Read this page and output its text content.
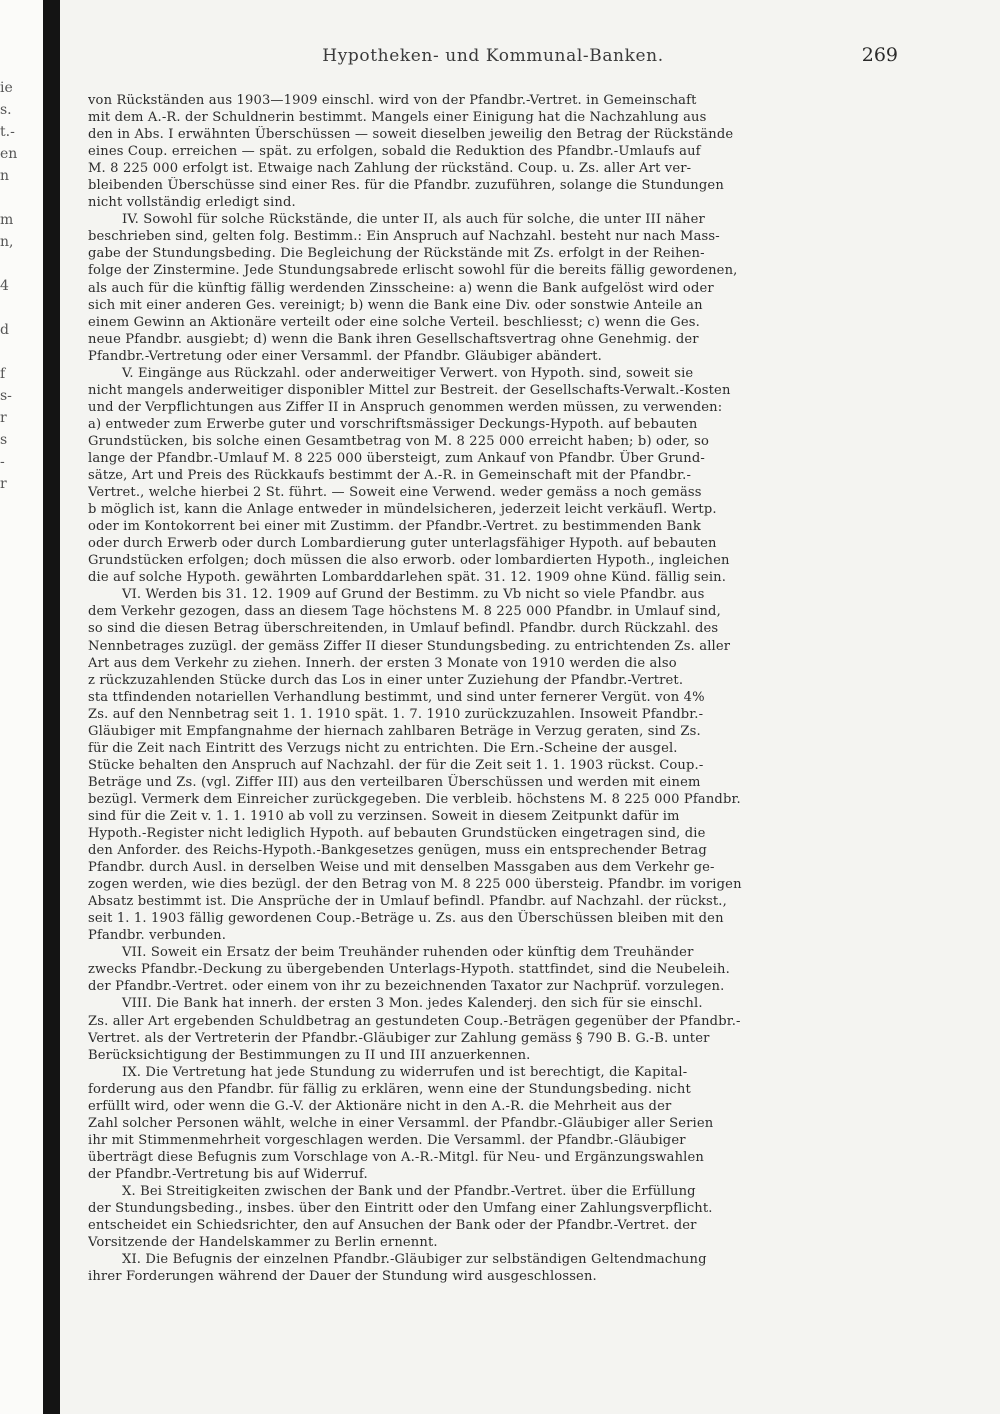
ie
s.
t.-
en
n
m
n,
4
d
f
s-
r
s
-
r
Hypotheken- und Kommunal-Banken.	269
von Rückständen aus 1903—1909 einschl. wird von der Pfandbr.-Vertret. in Gemeinschaft
mit dem A.-R. der Schuldnerin bestimmt. Mangels einer Einigung hat die Nachzahlung aus
den in Abs. I erwähnten Überschüssen — soweit dieselben jeweilig den Betrag der Rückstände
eines Coup. erreichen — spät. zu erfolgen, sobald die Reduktion des Pfandbr.-Umlaufs auf
M. 8 225 000 erfolgt ist. Etwaige nach Zahlung der rückständ. Coup. u. Zs. aller Art ver-
bleibenden Überschüsse sind einer Res. für die Pfandbr. zuzuführen, solange die Stundungen
nicht vollständig erledigt sind.
IV. Sowohl für solche Rückstände, die unter II, als auch für solche, die unter III näher
beschrieben sind, gelten folg. Bestimm.: Ein Anspruch auf Nachzahl. besteht nur nach Mass-
gabe der Stundungsbeding. Die Begleichung der Rückstände mit Zs. erfolgt in der Reihen-
folge der Zinstermine. Jede Stundungsabrede erlischt sowohl für die bereits fällig gewordenen,
als auch für die künftig fällig werdenden Zinsscheine: a) wenn die Bank aufgelöst wird oder
sich mit einer anderen Ges. vereinigt; b) wenn die Bank eine Div. oder sonstwie Anteile an
einem Gewinn an Aktionäre verteilt oder eine solche Verteil. beschliesst; c) wenn die Ges.
neue Pfandbr. ausgiebt; d) wenn die Bank ihren Gesellschaftsvertrag ohne Genehmig. der
Pfandbr.-Vertretung oder einer Versamml. der Pfandbr. Gläubiger abändert.
V. Eingänge aus Rückzahl. oder anderweitiger Verwert. von Hypoth. sind, soweit sie
nicht mangels anderweitiger disponibler Mittel zur Bestreit. der Gesellschafts-Verwalt.-Kosten
und der Verpflichtungen aus Ziffer II in Anspruch genommen werden müssen, zu verwenden:
a) entweder zum Erwerbe guter und vorschriftsmässiger Deckungs-Hypoth. auf bebauten
Grundstücken, bis solche einen Gesamtbetrag von M. 8 225 000 erreicht haben; b) oder, so
lange der Pfandbr.-Umlauf M. 8 225 000 übersteigt, zum Ankauf von Pfandbr. Über Grund-
sätze, Art und Preis des Rückkaufs bestimmt der A.-R. in Gemeinschaft mit der Pfandbr.-
Vertret., welche hierbei 2 St. führt. — Soweit eine Verwend. weder gemäss a noch gemäss
b möglich ist, kann die Anlage entweder in mündelsicheren, jederzeit leicht verkäufl. Wertp.
oder im Kontokorrent bei einer mit Zustimm. der Pfandbr.-Vertret. zu bestimmenden Bank
oder durch Erwerb oder durch Lombardierung guter unterlagsfähiger Hypoth. auf bebauten
Grundstücken erfolgen; doch müssen die also erworb. oder lombardierten Hypoth., ingleichen
die auf solche Hypoth. gewährten Lombarddarlehen spät. 31. 12. 1909 ohne Künd. fällig sein.
VI. Werden bis 31. 12. 1909 auf Grund der Bestimm. zu Vb nicht so viele Pfandbr. aus
dem Verkehr gezogen, dass an diesem Tage höchstens M. 8 225 000 Pfandbr. in Umlauf sind,
so sind die diesen Betrag überschreitenden, in Umlauf befindl. Pfandbr. durch Rückzahl. des
Nennbetrages zuzügl. der gemäss Ziffer II dieser Stundungsbeding. zu entrichtenden Zs. aller
Art aus dem Verkehr zu ziehen. Innerh. der ersten 3 Monate von 1910 werden die also
z rückzuzahlenden Stücke durch das Los in einer unter Zuziehung der Pfandbr.-Vertret.
sta ttfindenden notariellen Verhandlung bestimmt, und sind unter fernerer Vergüt. von 4%
Zs. auf den Nennbetrag seit 1. 1. 1910 spät. 1. 7. 1910 zurückzuzahlen. Insoweit Pfandbr.-
Gläubiger mit Empfangnahme der hiernach zahlbaren Beträge in Verzug geraten, sind Zs.
für die Zeit nach Eintritt des Verzugs nicht zu entrichten. Die Ern.-Scheine der ausgel.
Stücke behalten den Anspruch auf Nachzahl. der für die Zeit seit 1. 1. 1903 rückst. Coup.-
Beträge und Zs. (vgl. Ziffer III) aus den verteilbaren Überschüssen und werden mit einem
bezügl. Vermerk dem Einreicher zurückgegeben. Die verbleib. höchstens M. 8 225 000 Pfandbr.
sind für die Zeit v. 1. 1. 1910 ab voll zu verzinsen. Soweit in diesem Zeitpunkt dafür im
Hypoth.-Register nicht lediglich Hypoth. auf bebauten Grundstücken eingetragen sind, die
den Anforder. des Reichs-Hypoth.-Bankgesetzes genügen, muss ein entsprechender Betrag
Pfandbr. durch Ausl. in derselben Weise und mit denselben Massgaben aus dem Verkehr ge-
zogen werden, wie dies bezügl. der den Betrag von M. 8 225 000 übersteig. Pfandbr. im vorigen
Absatz bestimmt ist. Die Ansprüche der in Umlauf befindl. Pfandbr. auf Nachzahl. der rückst.,
seit 1. 1. 1903 fällig gewordenen Coup.-Beträge u. Zs. aus den Überschüssen bleiben mit den
Pfandbr. verbunden.
VII. Soweit ein Ersatz der beim Treuhänder ruhenden oder künftig dem Treuhänder
zwecks Pfandbr.-Deckung zu übergebenden Unterlags-Hypoth. stattfindet, sind die Neubeleih.
der Pfandbr.-Vertret. oder einem von ihr zu bezeichnenden Taxator zur Nachprüf. vorzulegen.
VIII. Die Bank hat innerh. der ersten 3 Mon. jedes Kalenderj. den sich für sie einschl.
Zs. aller Art ergebenden Schuldbetrag an gestundeten Coup.-Beträgen gegenüber der Pfandbr.-
Vertret. als der Vertreterin der Pfandbr.-Gläubiger zur Zahlung gemäss § 790 B. G.-B. unter
Berücksichtigung der Bestimmungen zu II und III anzuerkennen.
IX. Die Vertretung hat jede Stundung zu widerrufen und ist berechtigt, die Kapital-
forderung aus den Pfandbr. für fällig zu erklären, wenn eine der Stundungsbeding. nicht
erfüllt wird, oder wenn die G.-V. der Aktionäre nicht in den A.-R. die Mehrheit aus der
Zahl solcher Personen wählt, welche in einer Versamml. der Pfandbr.-Gläubiger aller Serien
ihr mit Stimmenmehrheit vorgeschlagen werden. Die Versamml. der Pfandbr.-Gläubiger
überträgt diese Befugnis zum Vorschlage von A.-R.-Mitgl. für Neu- und Ergänzungswahlen
der Pfandbr.-Vertretung bis auf Widerruf.
X. Bei Streitigkeiten zwischen der Bank und der Pfandbr.-Vertret. über die Erfüllung
der Stundungsbeding., insbes. über den Eintritt oder den Umfang einer Zahlungsverpflicht.
entscheidet ein Schiedsrichter, den auf Ansuchen der Bank oder der Pfandbr.-Vertret. der
Vorsitzende der Handelskammer zu Berlin ernennt.
XI. Die Befugnis der einzelnen Pfandbr.-Gläubiger zur selbständigen Geltendmachung
ihrer Forderungen während der Dauer der Stundung wird ausgeschlossen.
